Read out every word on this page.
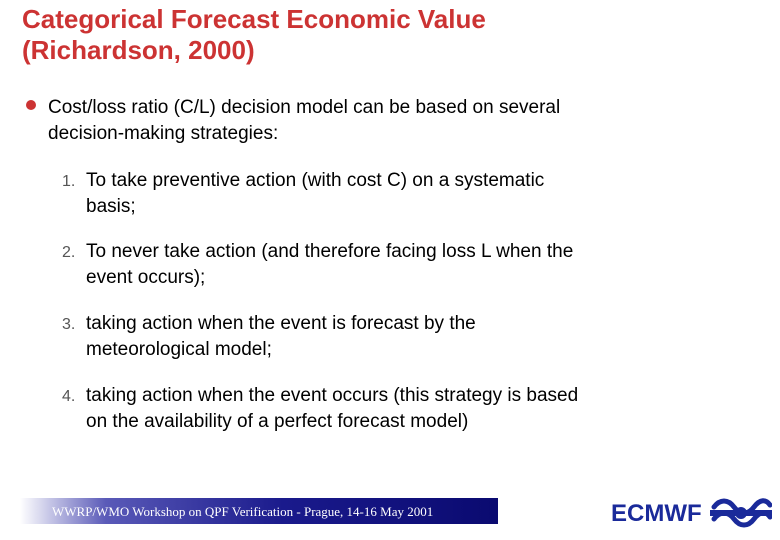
Categorical Forecast Economic Value
(Richardson, 2000)
Cost/loss ratio (C/L) decision model can be based on several
decision-making strategies:
1. To take preventive action (with cost C) on a systematic
basis;
2. To never take action (and therefore facing loss L when the
event occurs);
3. taking action when the event is forecast by the
meteorological model;
4. taking action when the event occurs (this strategy is based
on the availability of a perfect forecast model)
WWRP/WMO Workshop on QPF Verification - Prague, 14-16 May 2001	ECMWF
